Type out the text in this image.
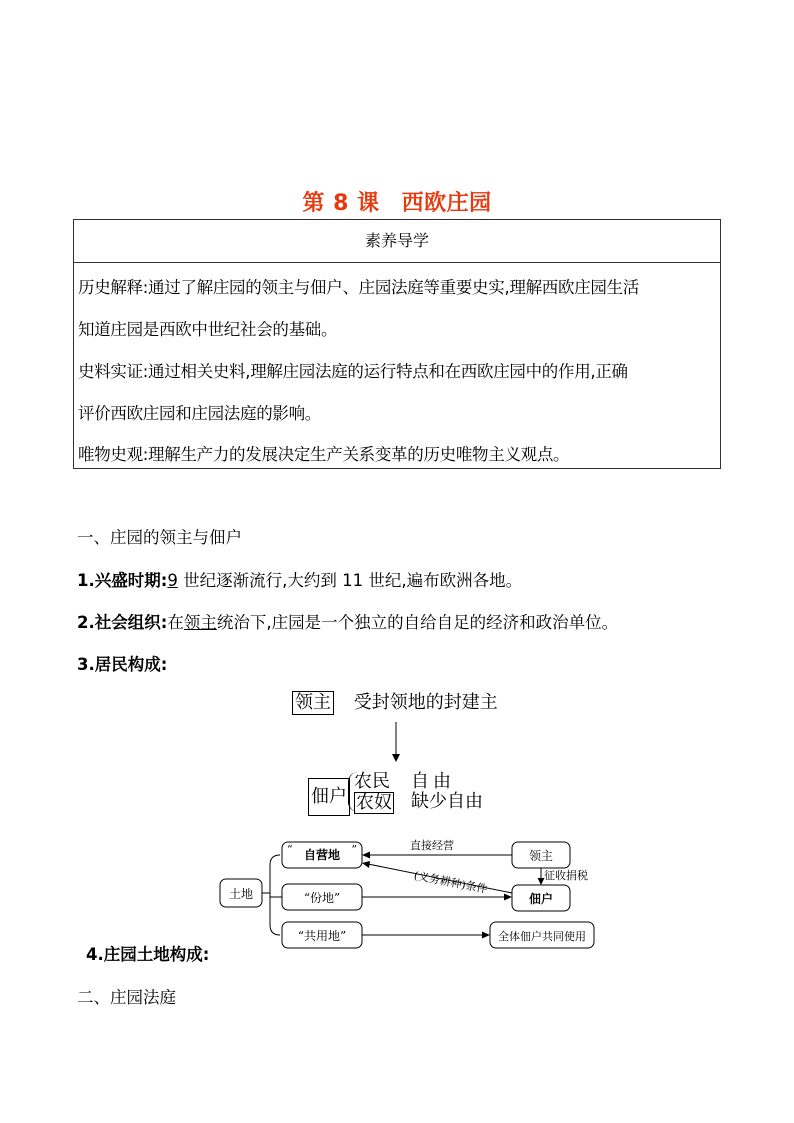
第 8 课 西欧庄园
素养导学
历史解释:通过了解庄园的领主与佃户、庄园法庭等重要史实,理解西欧庄园生活
知道庄园是西欧中世纪社会的基础。
史料实证:通过相关史料,理解庄园法庭的运行特点和在西欧庄园中的作用,正确
评价西欧庄园和庄园法庭的影响。
唯物史观:理解生产力的发展决定生产关系变革的历史唯物主义观点。
一、庄园的领主与佃户
1.兴盛时期:9 世纪逐渐流行,大约到 11 世纪,遍布欧洲各地。
2.社会组织:在领主统治下,庄园是一个独立的自给自足的经济和政治单位。
3.居民构成:
领主 受封领地的封建主
佃户
农民
农奴
自由
缺少自由
土地
“	”
自营地
“份地”
“共用地”
领主
佃户
全体佃户共同使用
直接经营
(义务耕种)条件	征收捐税
4.庄园土地构成:
二、庄园法庭
